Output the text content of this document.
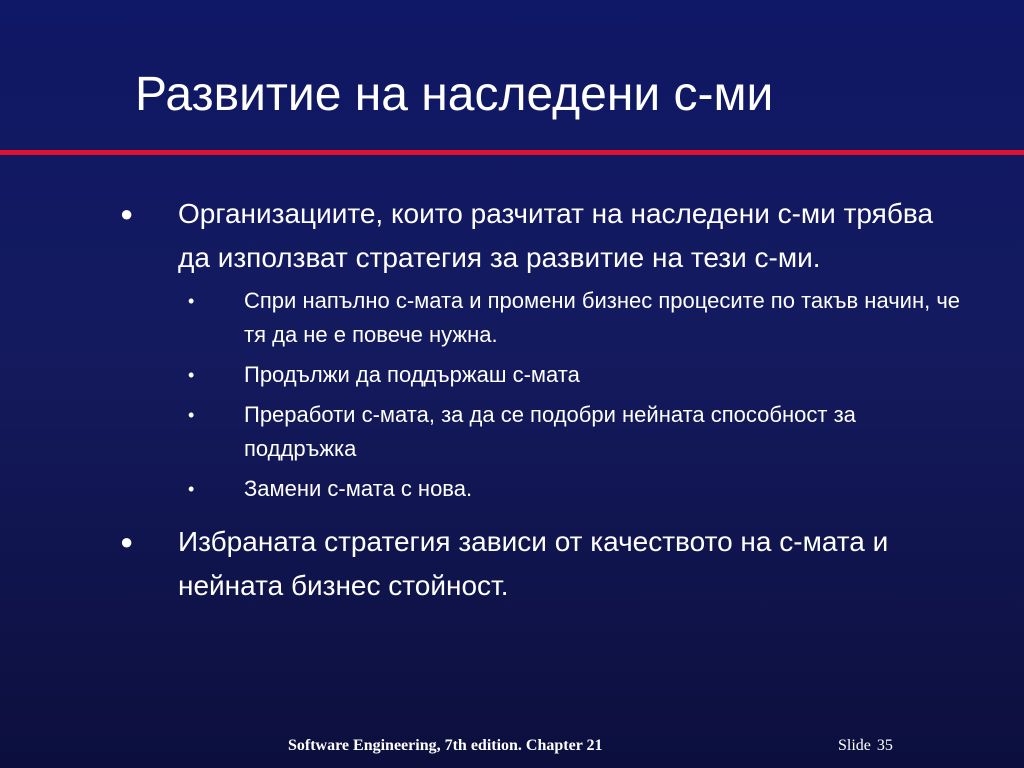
Развитие на наследени с-ми
● Организациите, които разчитат на наследени с-ми трябва да използват стратегия за развитие на тези с-ми.
• Спри напълно с-мата и промени бизнес процесите по такъв начин, че тя да не е повече нужна.
• Продължи да поддържаш с-мата
• Преработи с-мата, за да се подобри нейната способност за поддръжка
• Замени с-мата с нова.
● Избраната стратегия зависи от качеството на с-мата и нейната бизнес стойност.
Software Engineering, 7th edition. Chapter 21	Slide 35
